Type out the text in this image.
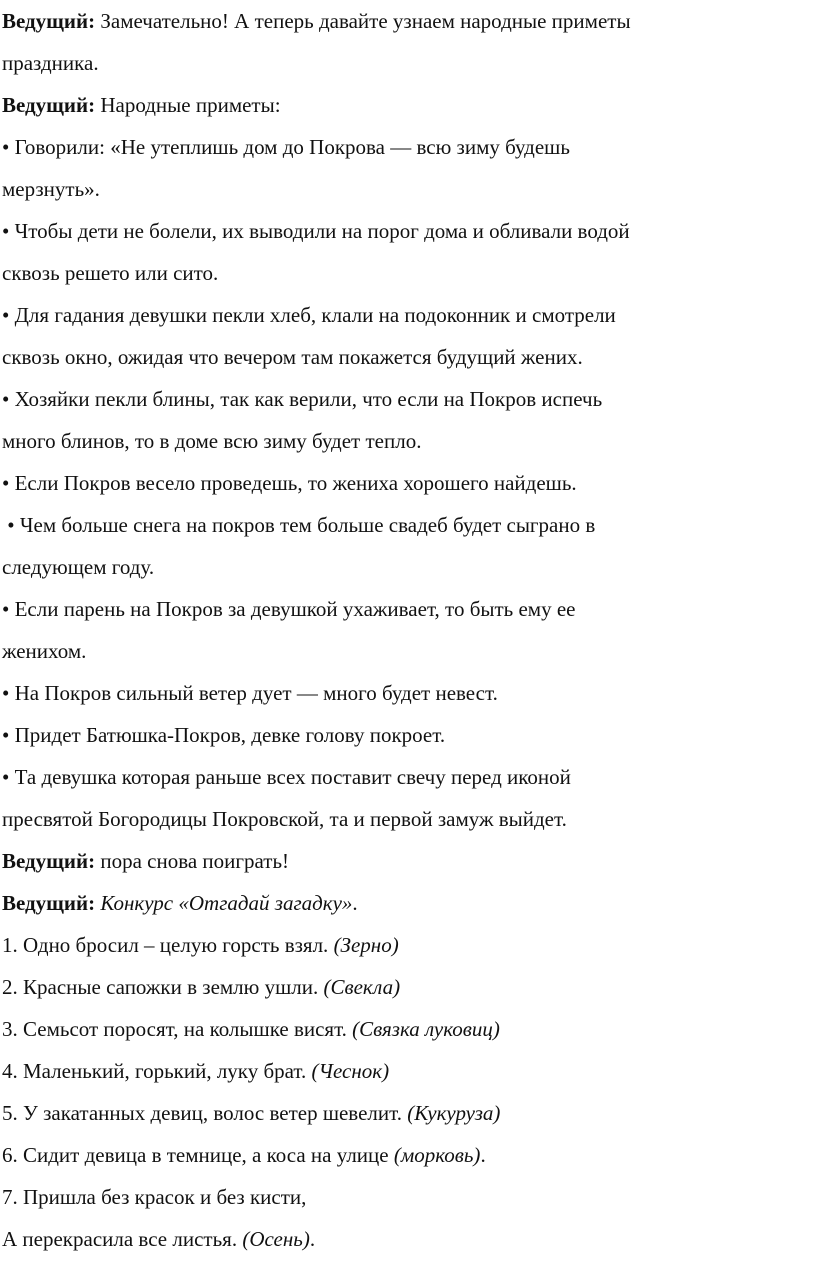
Ведущий: Замечательно! А теперь давайте узнаем народные приметы

праздника.

Ведущий: Народные приметы:

• Говорили: «Не утеплишь дом до Покрова — всю зиму будешь

мерзнуть».

• Чтобы дети не болели, их выводили на порог дома и обливали водой

сквозь решето или сито.

• Для гадания девушки пекли хлеб, клали на подоконник и смотрели

сквозь окно, ожидая что вечером там покажется будущий жених.

• Хозяйки пекли блины, так как верили, что если на Покров испечь

много блинов, то в доме всю зиму будет тепло.

• Если Покров весело проведешь, то жениха хорошего найдешь.

• Чем больше снега на покров тем больше свадеб будет сыграно в

следующем году.

• Если парень на Покров за девушкой ухаживает, то быть ему ее

женихом.

• На Покров сильный ветер дует — много будет невест.

• Придет Батюшка-Покров, девке голову покроет.

• Та девушка которая раньше всех поставит свечу перед иконой

пресвятой Богородицы Покровской, та и первой замуж выйдет.

Ведущий: пора снова поиграть!

Ведущий: Конкурс «Отгадай загадку».

1. Одно бросил – целую горсть взял. (Зерно)

2. Красные сапожки в землю ушли. (Свекла)

3. Семьсот поросят, на колышке висят. (Связка луковиц)

4. Маленький, горький, луку брат. (Чеснок)

5. У закатанных девиц, волос ветер шевелит. (Кукуруза)

6. Сидит девица в темнице, а коса на улице (морковь).

7. Пришла без красок и без кисти,

А перекрасила все листья. (Осень).
